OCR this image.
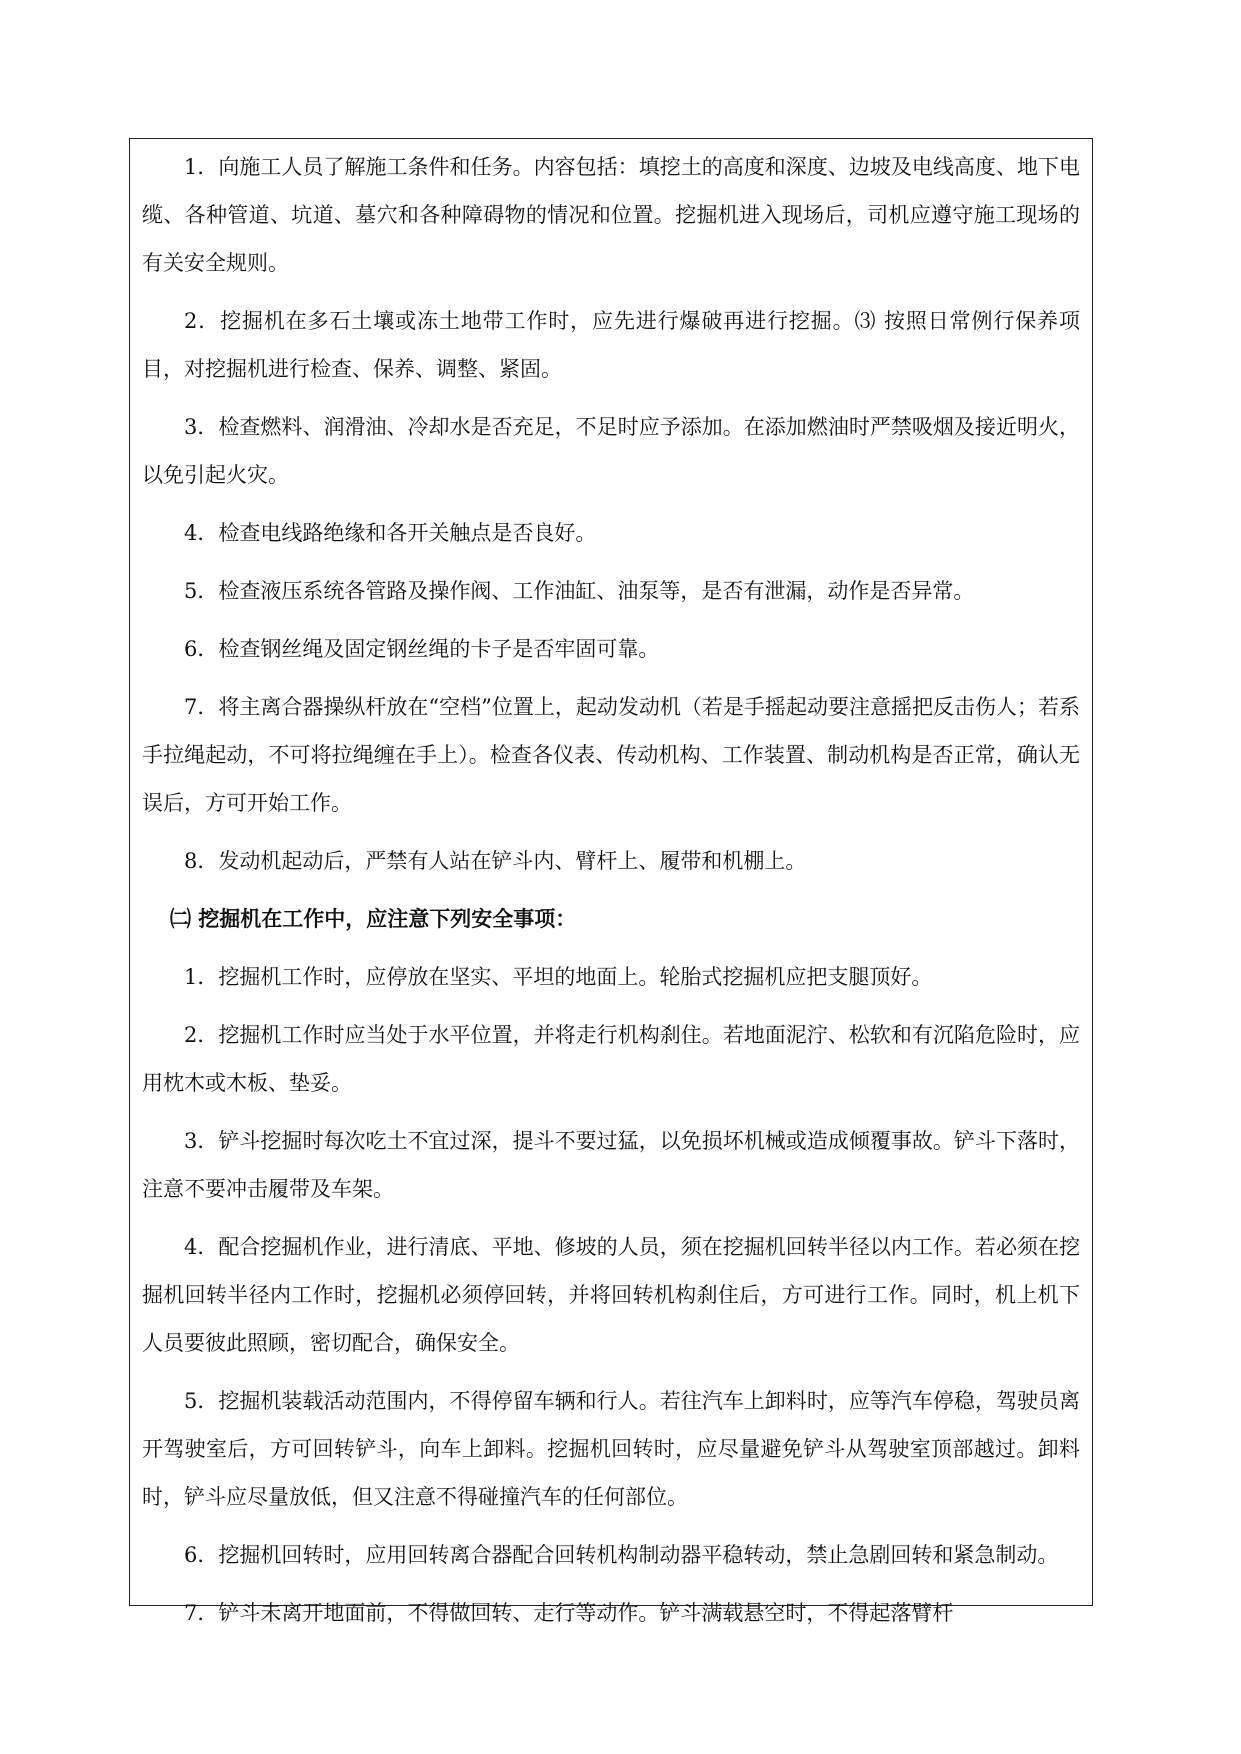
1．向施工人员了解施工条件和任务。内容包括：填挖土的高度和深度、边坡及电线高度、地下电缆、各种管道、坑道、墓穴和各种障碍物的情况和位置。挖掘机进入现场后，司机应遵守施工现场的有关安全规则。

2．挖掘机在多石土壤或冻土地带工作时，应先进行爆破再进行挖掘。⑶ 按照日常例行保养项目，对挖掘机进行检查、保养、调整、紧固。

3．检查燃料、润滑油、冷却水是否充足，不足时应予添加。在添加燃油时严禁吸烟及接近明火，以免引起火灾。

4．检查电线路绝缘和各开关触点是否良好。

5．检查液压系统各管路及操作阀、工作油缸、油泵等，是否有泄漏，动作是否异常。

6．检查钢丝绳及固定钢丝绳的卡子是否牢固可靠。

7．将主离合器操纵杆放在“空档”位置上，起动发动机（若是手摇起动要注意摇把反击伤人；若系手拉绳起动，不可将拉绳缠在手上）。检查各仪表、传动机构、工作装置、制动机构是否正常，确认无误后，方可开始工作。

8．发动机起动后，严禁有人站在铲斗内、臂杆上、履带和机棚上。

㈡ 挖掘机在工作中，应注意下列安全事项：

1．挖掘机工作时，应停放在坚实、平坦的地面上。轮胎式挖掘机应把支腿顶好。

2．挖掘机工作时应当处于水平位置，并将走行机构刹住。若地面泥泞、松软和有沉陷危险时，应用枕木或木板、垫妥。

3．铲斗挖掘时每次吃土不宜过深，提斗不要过猛，以免损坏机械或造成倾覆事故。铲斗下落时，注意不要冲击履带及车架。

4．配合挖掘机作业，进行清底、平地、修坡的人员，须在挖掘机回转半径以内工作。若必须在挖掘机回转半径内工作时，挖掘机必须停回转，并将回转机构刹住后，方可进行工作。同时，机上机下人员要彼此照顾，密切配合，确保安全。

5．挖掘机装载活动范围内，不得停留车辆和行人。若往汽车上卸料时，应等汽车停稳，驾驶员离开驾驶室后，方可回转铲斗，向车上卸料。挖掘机回转时，应尽量避免铲斗从驾驶室顶部越过。卸料时，铲斗应尽量放低，但又注意不得碰撞汽车的任何部位。

6．挖掘机回转时，应用回转离合器配合回转机构制动器平稳转动，禁止急剧回转和紧急制动。

7．铲斗未离开地面前，不得做回转、走行等动作。铲斗满载悬空时，不得起落臂杆
